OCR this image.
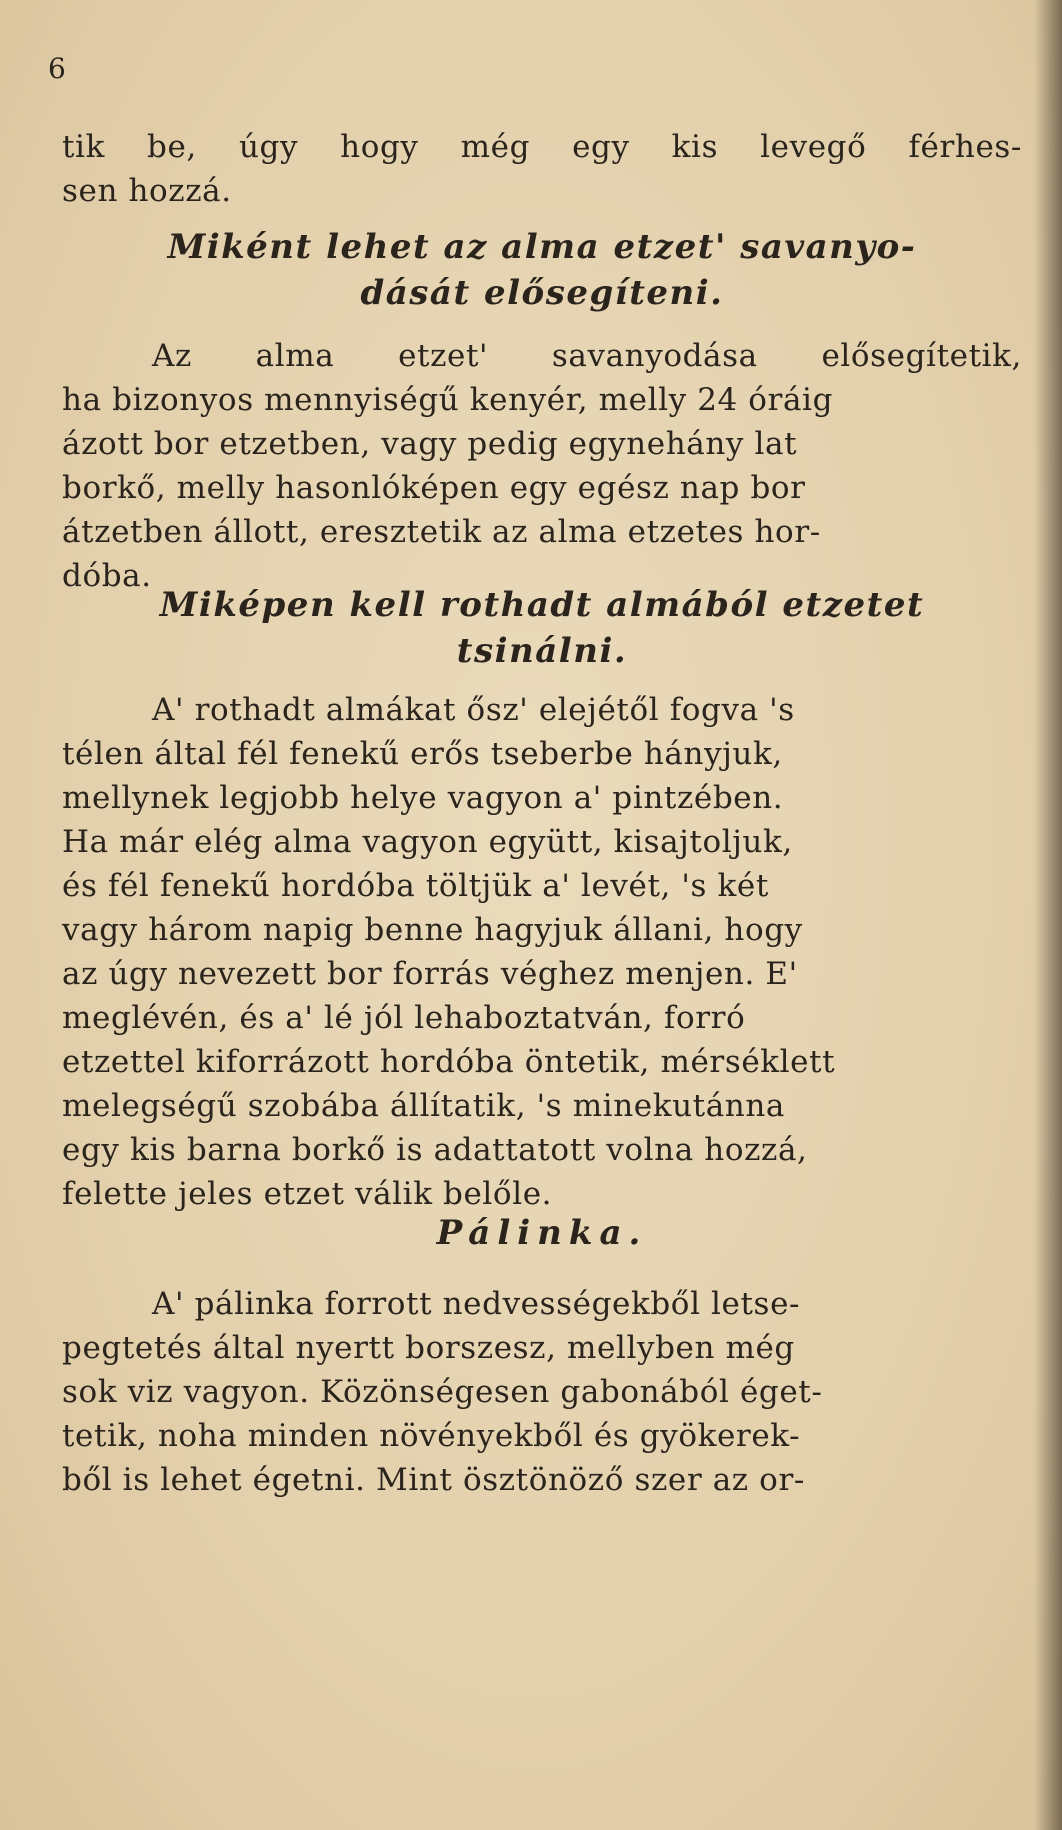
6
tik be, úgy hogy még egy kis levegő férhes-
sen hozzá.
Miként lehet az alma etzet' savanyo-
dását elősegíteni.
Az alma etzet' savanyodása elősegítetik,
ha bizonyos mennyiségű kenyér, melly 24 óráig
ázott bor etzetben, vagy pedig egynehány lat
borkő, melly hasonlóképen egy egész nap bor
átzetben állott, eresztetik az alma etzetes hor-
dóba.
Miképen kell rothadt almából etzetet
tsinálni.
A' rothadt almákat ősz' elejétől fogva 's
télen által fél fenekű erős tseberbe hányjuk,
mellynek legjobb helye vagyon a' pintzében.
Ha már elég alma vagyon együtt, kisajtoljuk,
és fél fenekű hordóba töltjük a' levét, 's két
vagy három napig benne hagyjuk állani, hogy
az úgy nevezett bor forrás véghez menjen. E'
meglévén, és a' lé jól lehaboztatván, forró
etzettel kiforrázott hordóba öntetik, mérséklett
melegségű szobába állítatik, 's minekutánna
egy kis barna borkő is adattatott volna hozzá,
felette jeles etzet válik belőle.
Pálinka.
A' pálinka forrott nedvességekből letse-
pegtetés által nyertt borszesz, mellyben még
sok viz vagyon. Közönségesen gabonából éget-
tetik, noha minden növényekből és gyökerek-
ből is lehet égetni. Mint ösztönöző szer az or-
